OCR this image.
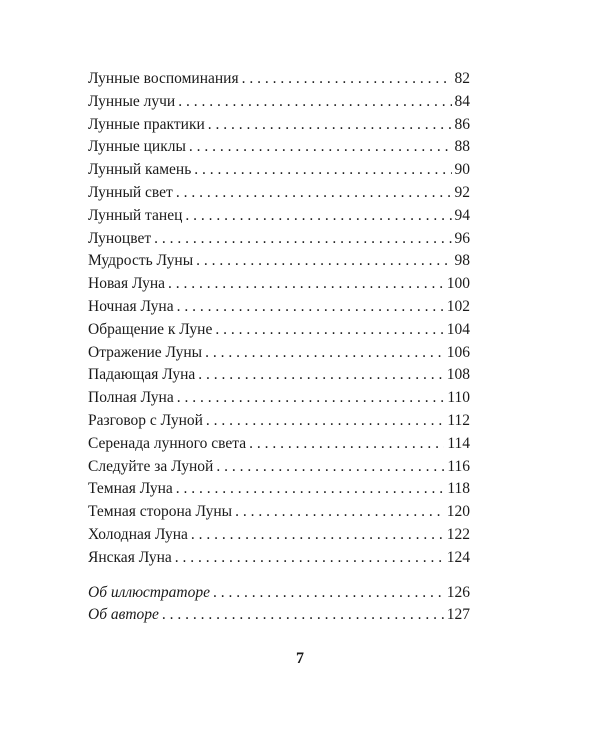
Лунные воспоминания . . .	82
Лунные лучи . . .	84
Лунные практики . . .	86
Лунные циклы . . .	88
Лунный камень . . .	90
Лунный свет . . .	92
Лунный танец . . .	94
Луноцвет . . .	96
Мудрость Луны . . .	98
Новая Луна . . .	100
Ночная Луна . . .	102
Обращение к Луне . . .	104
Отражение Луны . . .	106
Падающая Луна . . .	108
Полная Луна . . .	110
Разговор с Луной . . .	112
Серенада лунного света . . .	114
Следуйте за Луной . . .	116
Темная Луна . . .	118
Темная сторона Луны . . .	120
Холодная Луна . . .	122
Янская Луна . . .	124
Об иллюстраторе . . .	126
Об авторе . . .	127
7
